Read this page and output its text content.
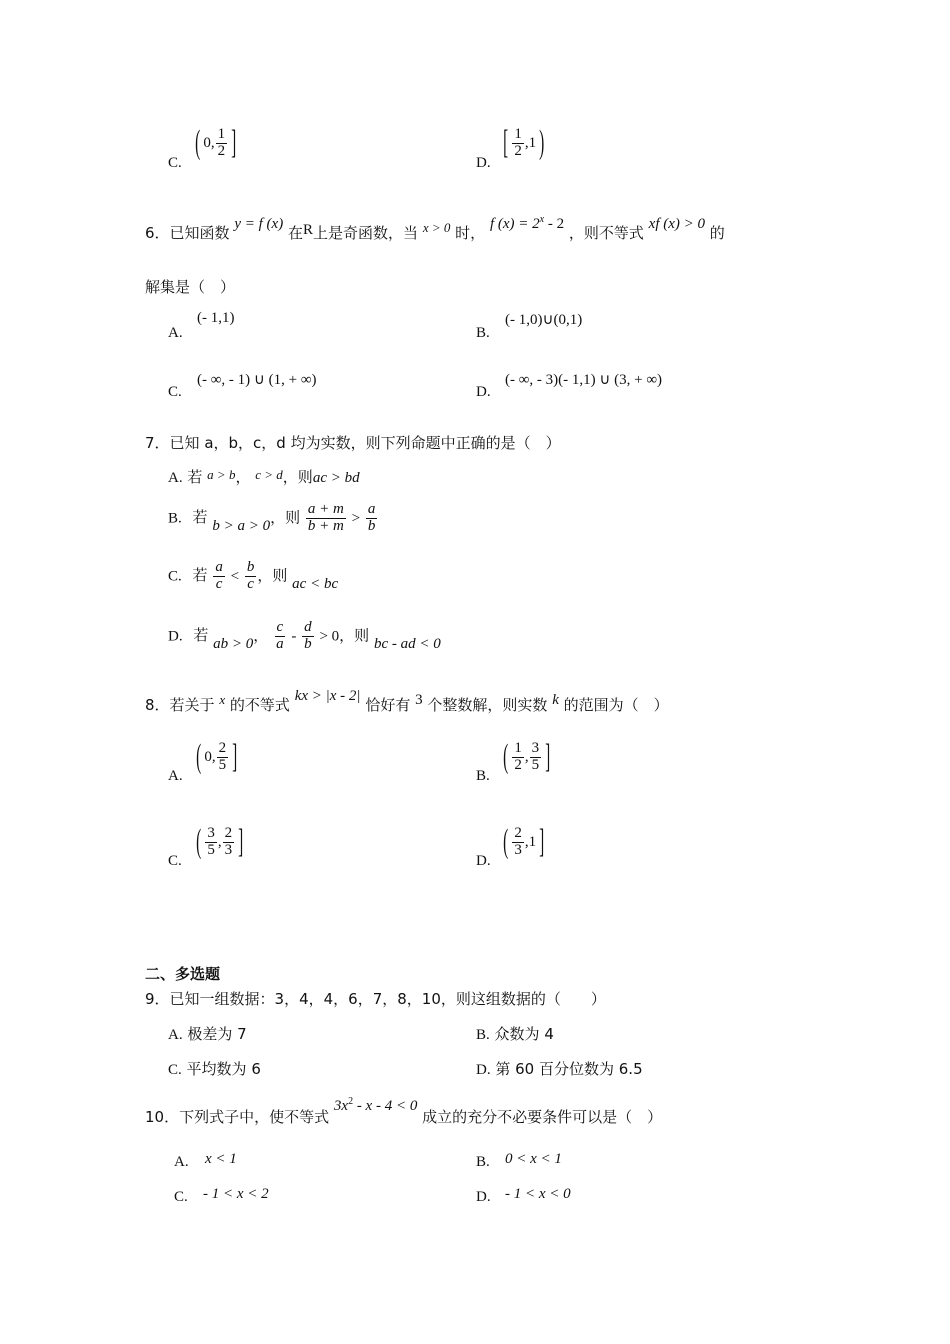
C.
( 0, $\frac{1}{2}$ ]
D.
[ $\frac{1}{2} ,1$)
6．已知函数 y = f (x) 在R上是奇函数，当 x > 0 时， f $(x) = 2^x - 2$ ，则不等式 xf (x) > 0 的
解集是（　）
A.
(- 1,1)
B.
(- 1,0)∪(0,1)
C.
(- ∞, - 1) ∪ (1, + ∞)
D.
(- ∞, - 3)(- 1,1) ∪ (3, + ∞)
7．已知 a，b，c，d 均为实数，则下列命题中正确的是（　）
A. 若 a > b， c > d，则ac > bd
B. 若 b > a > 0，则 $\frac{a + m}{b + m} > \frac{a}{b}$
C. 若 $\frac{a}{c} < \frac{b}{c}$ ，则 ac < bc
D. 若 ab > 0， $\frac{c}{a} - \frac{d}{b} > 0$，则 bc - ad < 0
8．若关于 x 的不等式 kx > |x - 2| 恰好有 3 个整数解，则实数 k 的范围为（　）
A.
( 0, $\frac{2}{5}$ ]
B.
( $\frac{1}{2}$ , $\frac{3}{5}$ ]
C.
( $\frac{3}{5}$ , $\frac{2}{3}$ ]
D.
( $\frac{2}{3} ,1$]
二、多选题
9．已知一组数据：3，4，4，6，7，8，10，则这组数据的（　　）
A. 极差为 7	B. 众数为 4
C. 平均数为 6	D. 第 60 百分位数为 6.5
10．下列式子中，使不等式 $3x^2 - x - 4 < 0$ 成立的充分不必要条件可以是（　）
A. x < 1	B. 0 < x < 1
C. - 1 < x < 2	D. - 1 < x < 0
